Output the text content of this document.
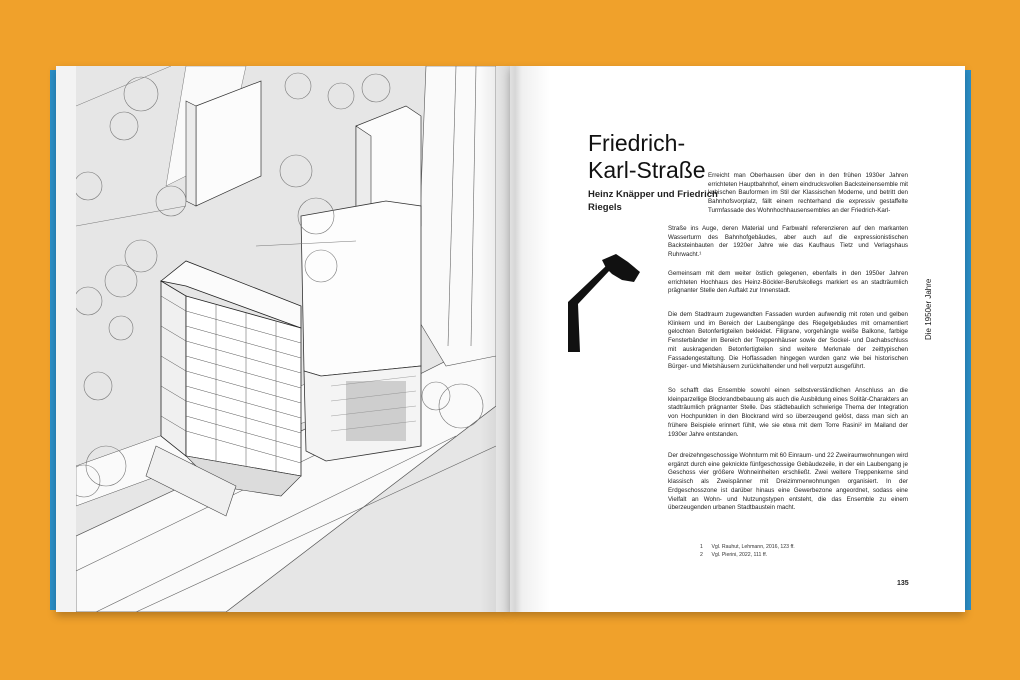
Friedrich-
Karl-Straße
Heinz Knäpper und Friedrich Riegels

Erreicht man Oberhausen über den in den frühen 1930er Jahren errichteten Hauptbahnhof, einem eindrucksvollen Backsteinensemble mit kubischen Bauformen im Stil der Klassischen Moderne, und betritt den Bahnhofsvorplatz, fällt einem rechterhand die expressiv gestaffelte Turmfassade des Wohnhochhausensembles an der Friedrich-Karl-

Straße ins Auge, deren Material und Farbwahl referenzieren auf den markanten Wasserturm des Bahnhofgebäudes, aber auch auf die expressionistischen Backsteinbauten der 1920er Jahre wie das Kaufhaus Tietz und Verlagshaus Ruhrwacht.¹

Gemeinsam mit dem weiter östlich gelegenen, ebenfalls in den 1950er Jahren errichteten Hochhaus des Heinz-Böckler-Berufskollegs markiert es an stadträumlich prägnanter Stelle den Auftakt zur Innenstadt.

Die dem Stadtraum zugewandten Fassaden wurden aufwendig mit roten und gelben Klinkern und im Bereich der Laubengänge des Riegelgebäudes mit ornamentiert gelochten Betonfertigteilen bekleidet. Filigrane, vorgehängte weiße Balkone, farbige Fensterbänder im Bereich der Treppenhäuser sowie der Sockel- und Dachabschluss mit auskragenden Betonfertigteilen sind weitere Merkmale der zeittypischen Fassadengestaltung. Die Hoffassaden hingegen wurden ganz wie bei historischen Bürger- und Mietshäusern zurückhaltender und hell verputzt ausgeführt.

So schafft das Ensemble sowohl einen selbstverständlichen Anschluss an die kleinparzellige Blockrandbebauung als auch die Ausbildung eines Solitär-Charakters an stadträumlich prägnanter Stelle. Das städtebaulich schwierige Thema der Integration von Hochpunkten in den Blockrand wird so überzeugend gelöst, dass man sich an frühere Beispiele erinnert fühlt, wie sie etwa mit dem Torre Rasini² im Mailand der 1930er Jahre entstanden.

Der dreizehngeschossige Wohnturm mit 60 Einraum- und 22 Zweiraumwohnungen wird ergänzt durch eine geknickte fünfgeschossige Gebäudezeile, in der ein Laubengang je Geschoss vier größere Wohneinheiten erschließt. Zwei weitere Treppenkerne sind klassisch als Zweispänner mit Dreizimmerwohnungen organisiert. In der Erdgeschosszone ist darüber hinaus eine Gewerbezone angeordnet, sodass eine Vielfalt an Wohn- und Nutzungstypen entsteht, die das Ensemble zu einem überzeugenden urbanen Stadtbaustein macht.

1 Vgl. Rauhut, Lehmann, 2016, 123 ff.
2 Vgl. Pierini, 2022, 111 ff.
Die 1950er Jahre
135
